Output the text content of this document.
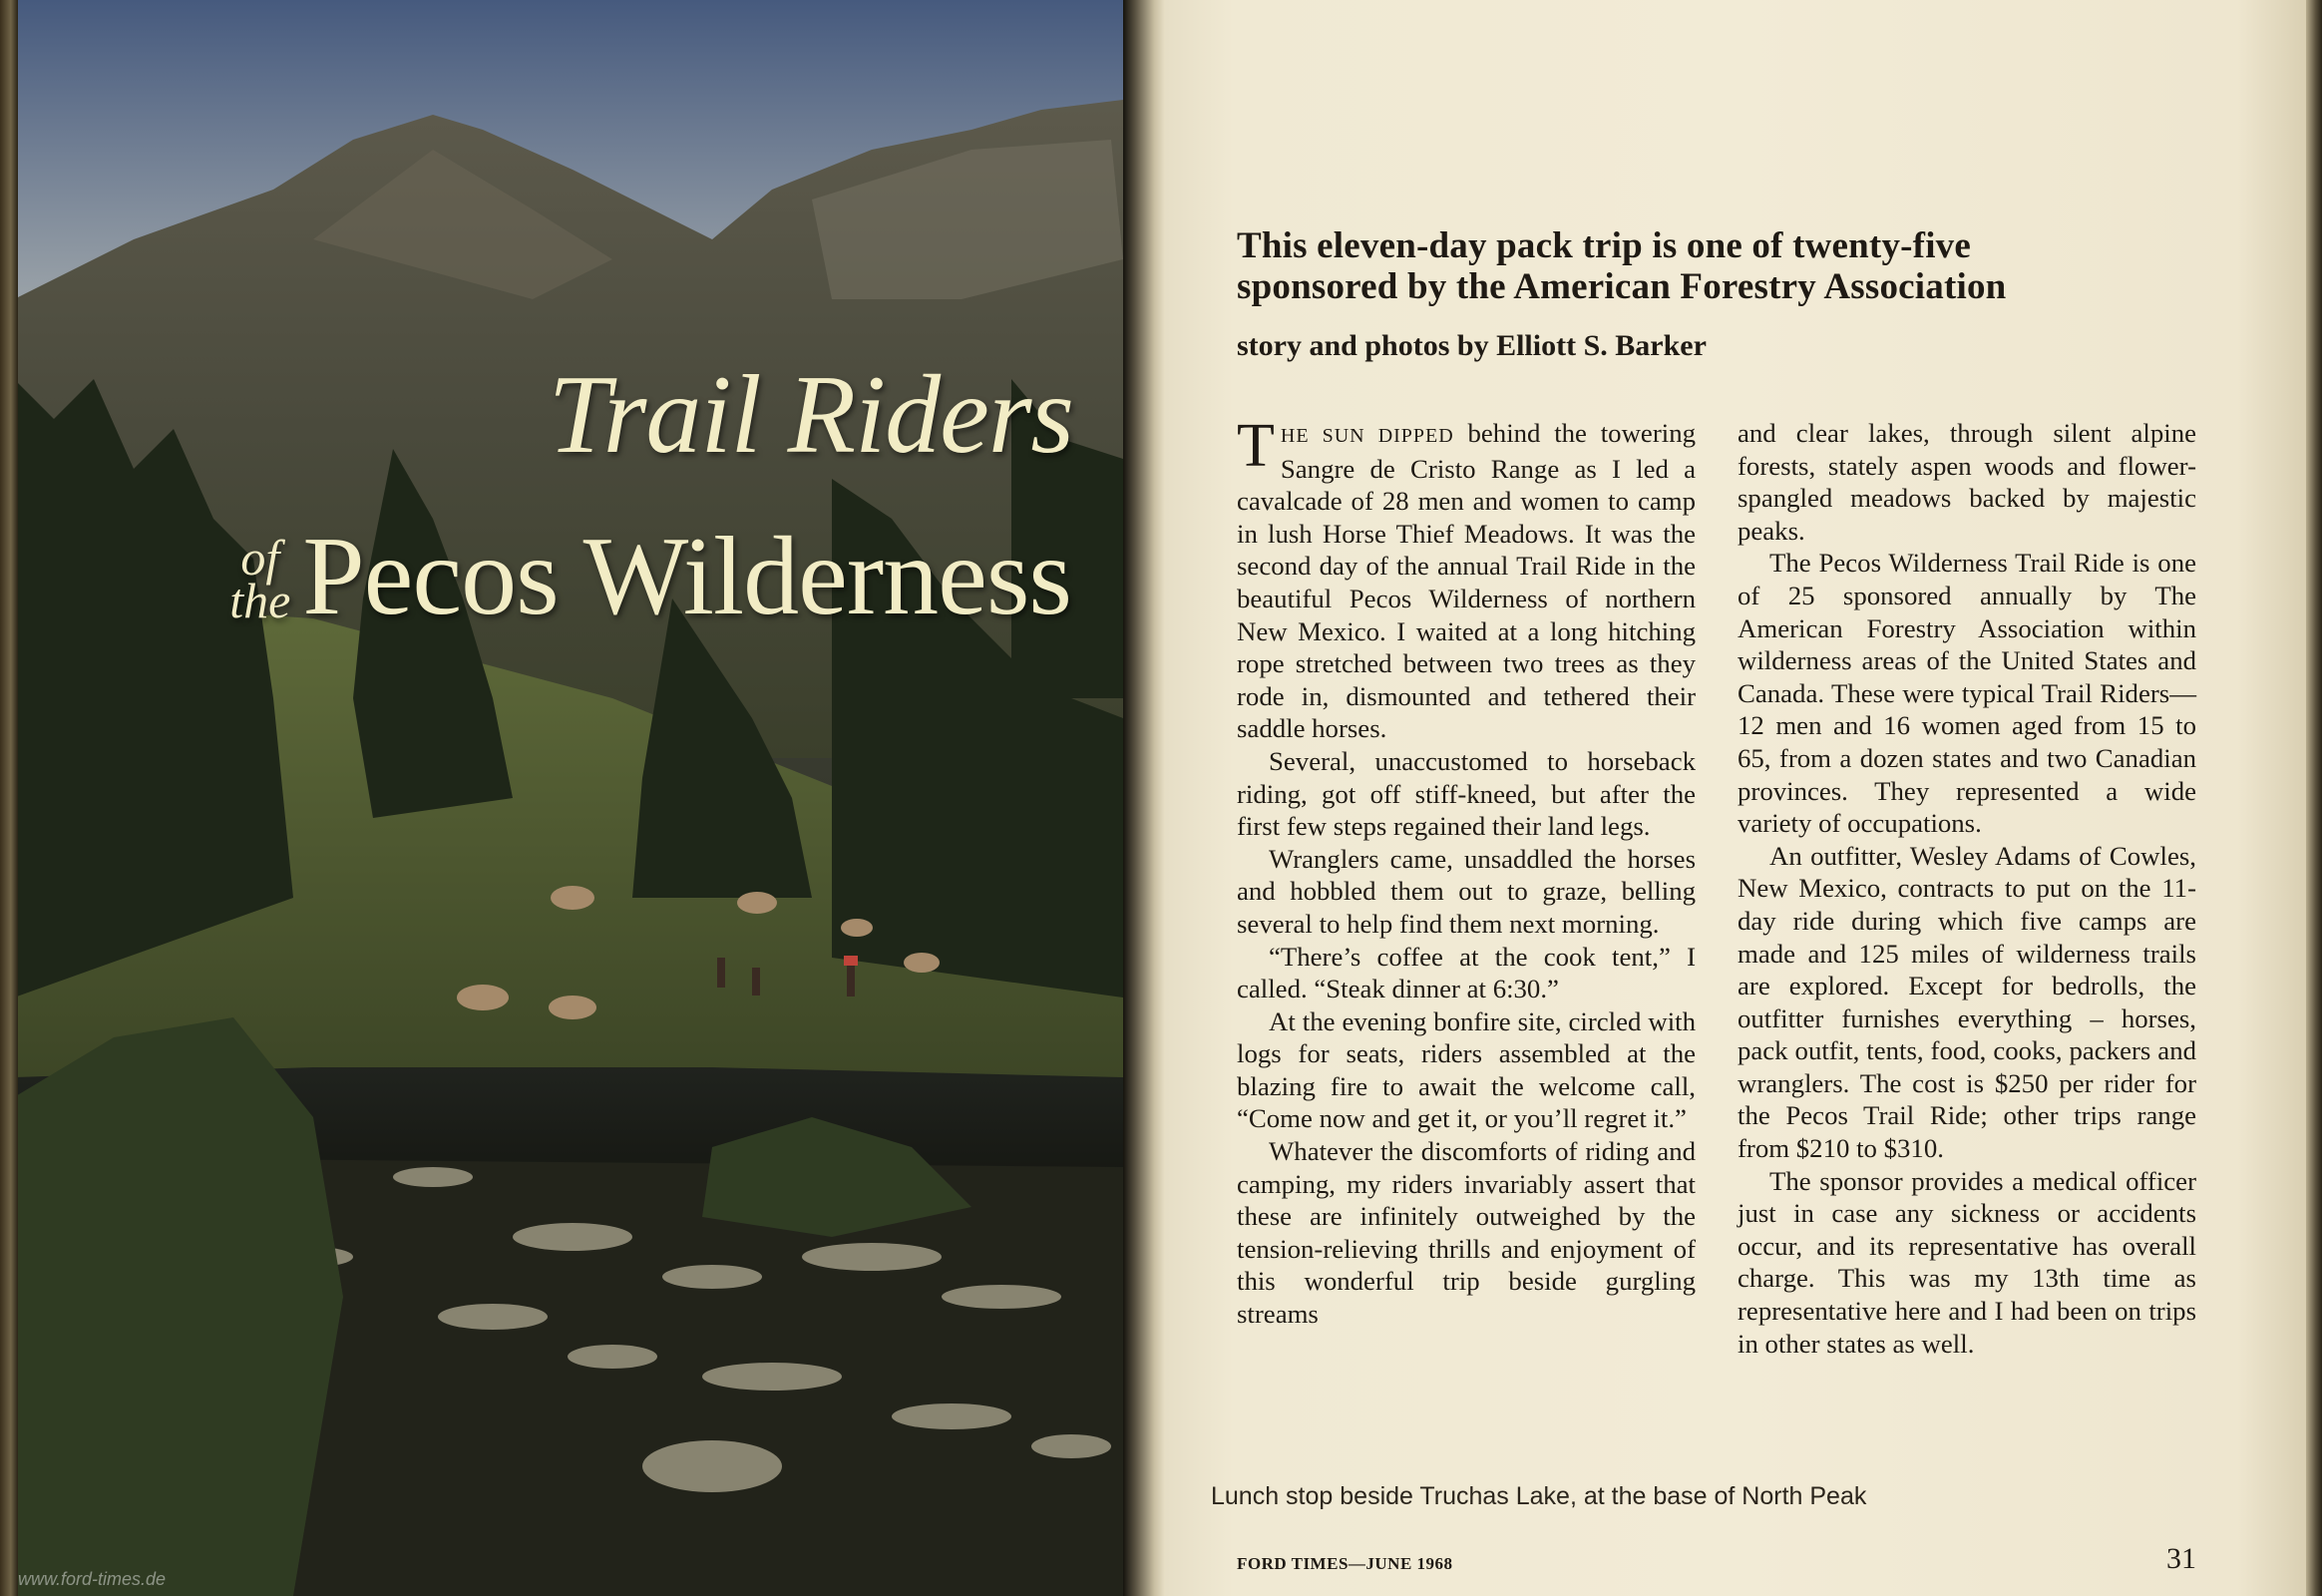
Trail Riders
of
the Pecos Wilderness
www.ford-times.de
This eleven-day pack trip is one of twenty-five sponsored by the American Forestry Association

story and photos by Elliott S. Barker

THE SUN DIPPED behind the towering Sangre de Cristo Range as I led a cavalcade of 28 men and women to camp in lush Horse Thief Meadows. It was the second day of the annual Trail Ride in the beautiful Pecos Wilderness of northern New Mexico. I waited at a long hitching rope stretched between two trees as they rode in, dismounted and tethered their saddle horses.

Several, unaccustomed to horseback riding, got off stiff-kneed, but after the first few steps regained their land legs.

Wranglers came, unsaddled the horses and hobbled them out to graze, belling several to help find them next morning.

“There’s coffee at the cook tent,” I called. “Steak dinner at 6:30.”

At the evening bonfire site, circled with logs for seats, riders assembled at the blazing fire to await the welcome call, “Come now and get it, or you’ll regret it.”

Whatever the discomforts of riding and camping, my riders invariably assert that these are infinitely outweighed by the tension-relieving thrills and enjoyment of this wonderful trip beside gurgling streams

and clear lakes, through silent alpine forests, stately aspen woods and flower-spangled meadows backed by majestic peaks.

The Pecos Wilderness Trail Ride is one of 25 sponsored annually by The American Forestry Association within wilderness areas of the United States and Canada. These were typical Trail Riders—12 men and 16 women aged from 15 to 65, from a dozen states and two Canadian provinces. They represented a wide variety of occupations.

An outfitter, Wesley Adams of Cowles, New Mexico, contracts to put on the 11-day ride during which five camps are made and 125 miles of wilderness trails are explored. Except for bedrolls, the outfitter furnishes everything – horses, pack outfit, tents, food, cooks, packers and wranglers. The cost is $250 per rider for the Pecos Trail Ride; other trips range from $210 to $310.

The sponsor provides a medical officer just in case any sickness or accidents occur, and its representative has overall charge. This was my 13th time as representative here and I had been on trips in other states as well.

Lunch stop beside Truchas Lake, at the base of North Peak

FORD TIMES—JUNE 1968	31
